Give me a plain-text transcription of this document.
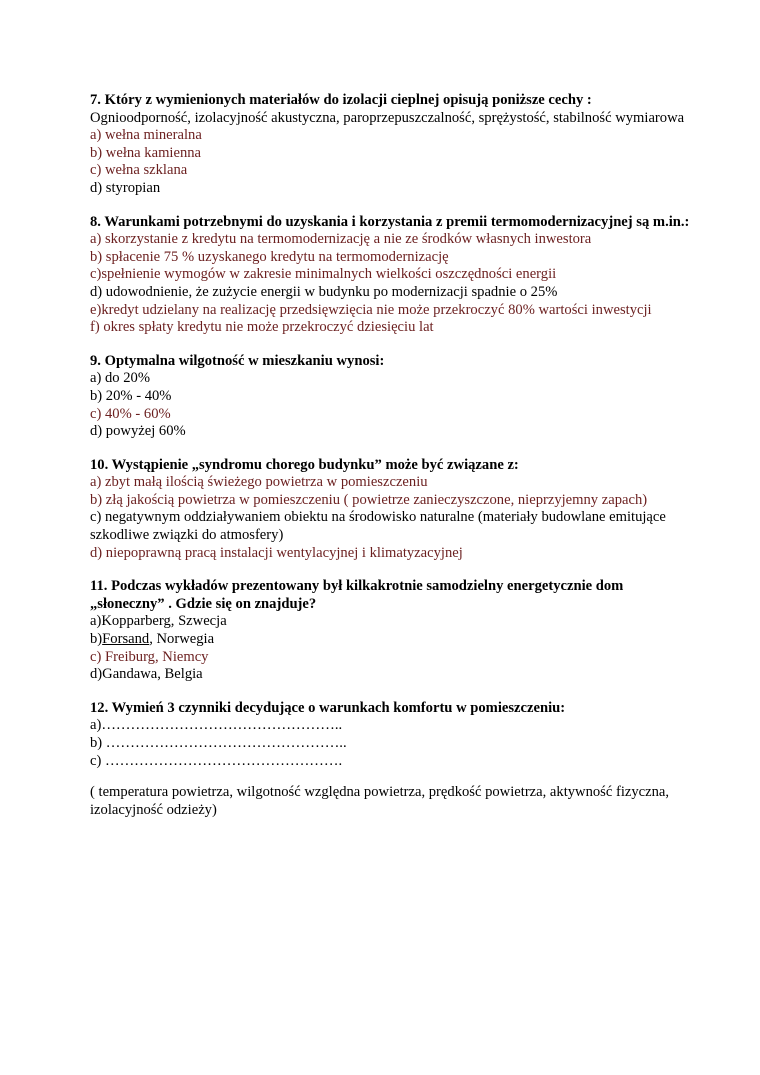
7. Który z wymienionych materiałów do izolacji cieplnej opisują poniższe cechy :
Ognioodporność, izolacyjność akustyczna, paroprzepuszczalność, sprężystość, stabilność wymiarowa
a) wełna mineralna
b) wełna kamienna
c) wełna szklana
d) styropian
8. Warunkami potrzebnymi do uzyskania i korzystania z premii termomodernizacyjnej są m.in.:
a) skorzystanie z kredytu na termomodernizację a nie ze środków własnych inwestora
b) spłacenie 75 % uzyskanego kredytu na termomodernizację
c)spełnienie wymogów w zakresie minimalnych wielkości oszczędności energii
d) udowodnienie, że zużycie energii w budynku po modernizacji spadnie o 25%
e)kredyt udzielany na realizację przedsięwzięcia nie może przekroczyć 80% wartości inwestycji
f) okres spłaty kredytu nie może przekroczyć dziesięciu lat
9. Optymalna wilgotność w mieszkaniu wynosi:
a) do 20%
b) 20% - 40%
c) 40% - 60%
d) powyżej 60%
10. Wystąpienie „syndromu chorego budynku” może być związane z:
a) zbyt małą ilością świeżego powietrza w pomieszczeniu
b) złą jakością powietrza w pomieszczeniu ( powietrze zanieczyszczone, nieprzyjemny zapach)
c) negatywnym oddziaływaniem obiektu na środowisko naturalne (materiały budowlane emitujące szkodliwe związki do atmosfery)
d) niepoprawną pracą instalacji wentylacyjnej i klimatyzacyjnej
11. Podczas wykładów prezentowany był kilkakrotnie samodzielny energetycznie dom „słoneczny” . Gdzie się on znajduje?
a)Kopparberg, Szwecja
b)Forsand, Norwegia
c) Freiburg, Niemcy
d)Gandawa, Belgia
12. Wymień 3 czynniki decydujące o warunkach komfortu w pomieszczeniu:
a)…………………………………………..
b) …………………………………………..
c) ………………………………………….
( temperatura powietrza, wilgotność względna powietrza, prędkość powietrza, aktywność fizyczna, izolacyjność odzieży)
